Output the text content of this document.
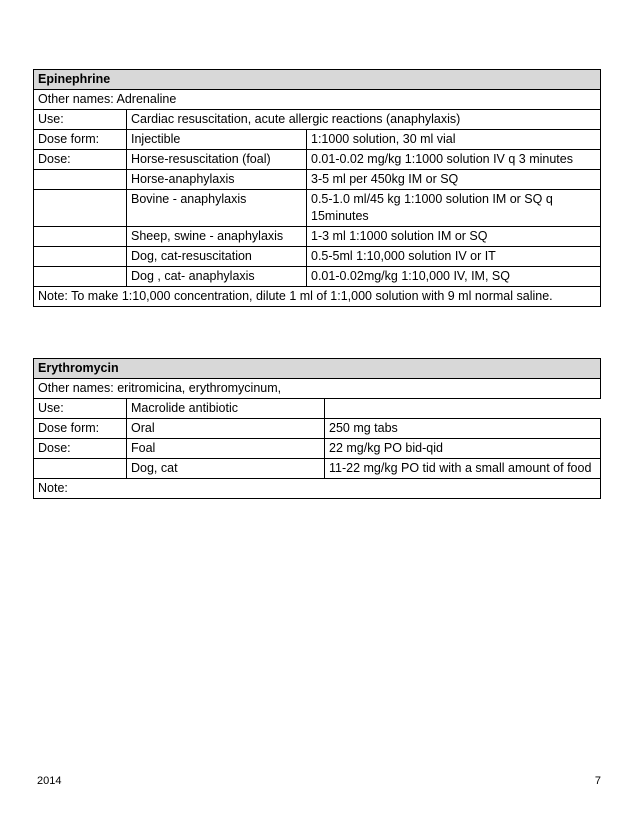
Epinephrine		
Other names: Adrenaline		
Use:	Cardiac resuscitation, acute allergic reactions (anaphylaxis)	
Dose form:	Injectible	1:1000 solution, 30 ml vial
Dose:	Horse-resuscitation (foal)	0.01-0.02 mg/kg 1:1000 solution IV q 3 minutes
	Horse-anaphylaxis	3-5 ml per 450kg IM or SQ
	Bovine - anaphylaxis	0.5-1.0 ml/45 kg 1:1000 solution IM or SQ q 15minutes
	Sheep, swine - anaphylaxis	1-3 ml 1:1000 solution IM or SQ
	Dog, cat-resuscitation	0.5-5ml 1:10,000 solution IV or IT
	Dog , cat- anaphylaxis	0.01-0.02mg/kg 1:10,000 IV, IM, SQ
Note: To make 1:10,000 concentration, dilute 1 ml of 1:1,000 solution with 9 ml normal saline.		
Erythromycin		
Other names: eritromicina, erythromycinum,		
Use:	Macrolide antibiotic	
Dose form:	Oral	250 mg tabs
Dose:	Foal	22 mg/kg PO bid-qid
	Dog, cat	11-22 mg/kg PO tid with a small amount of food
Note:		
2014	7
